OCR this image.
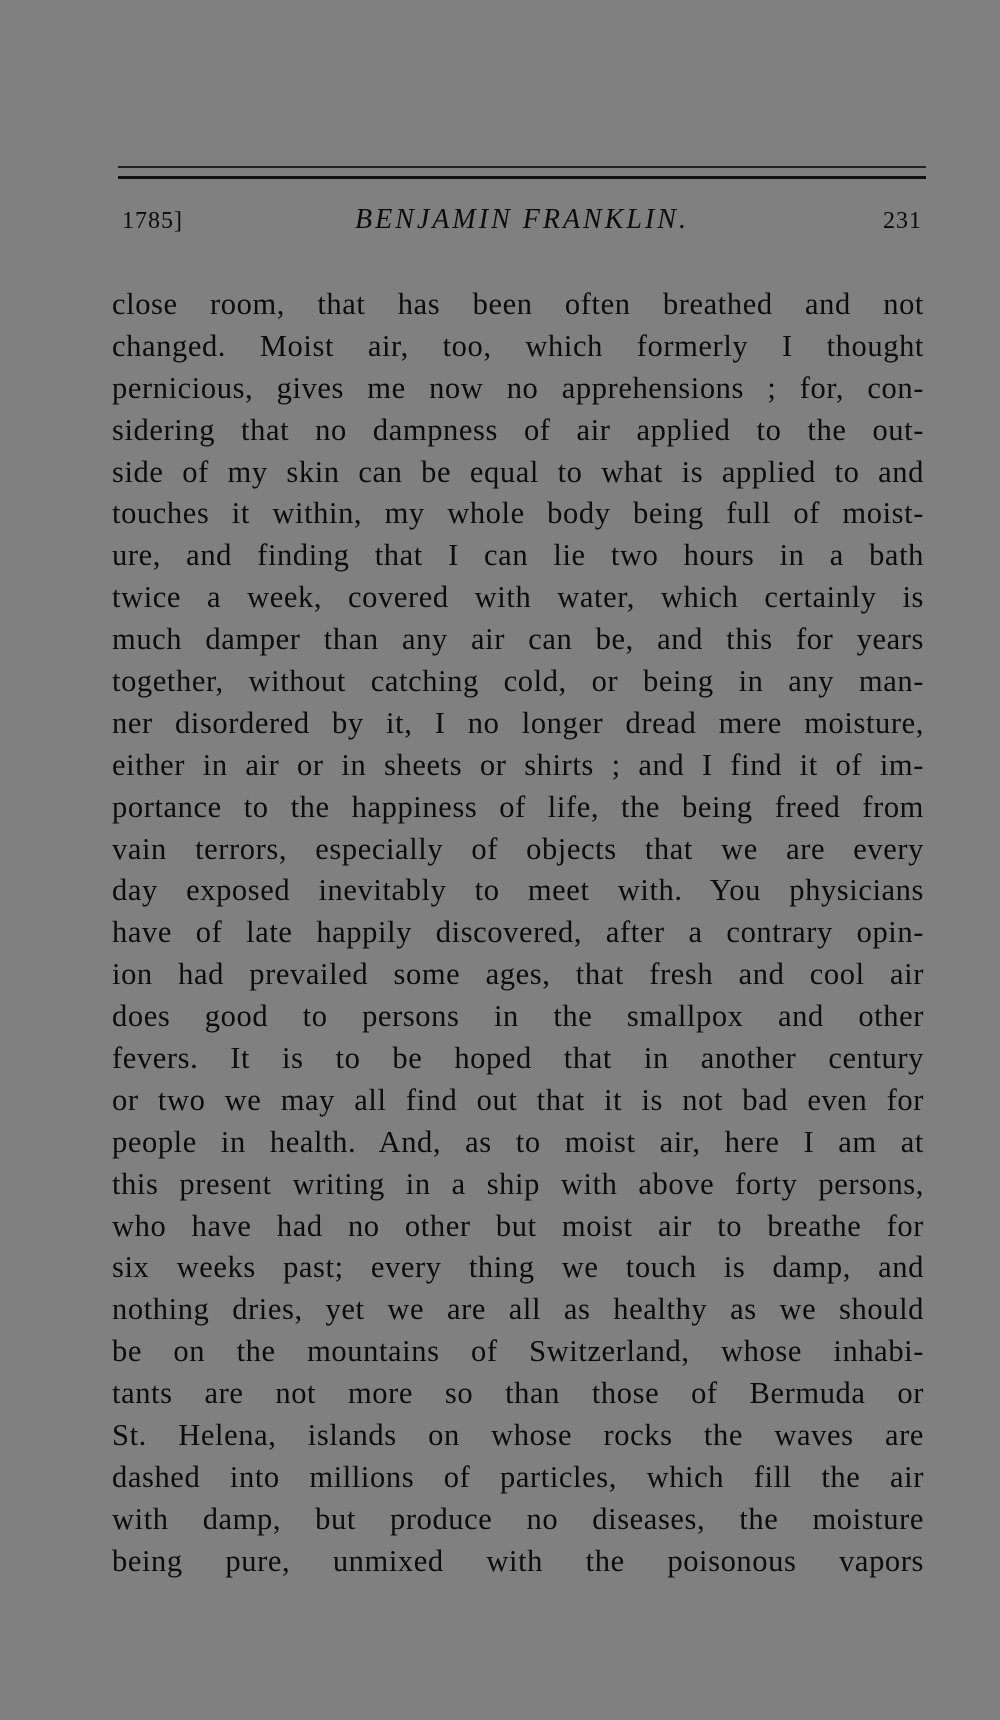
1785]	BENJAMIN FRANKLIN.	231
close room, that has been often breathed and not
changed. Moist air, too, which formerly I thought
pernicious, gives me now no apprehensions ; for, con-
sidering that no dampness of air applied to the out-
side of my skin can be equal to what is applied to and
touches it within, my whole body being full of moist-
ure, and finding that I can lie two hours in a bath
twice a week, covered with water, which certainly is
much damper than any air can be, and this for years
together, without catching cold, or being in any man-
ner disordered by it, I no longer dread mere moisture,
either in air or in sheets or shirts ; and I find it of im-
portance to the happiness of life, the being freed from
vain terrors, especially of objects that we are every
day exposed inevitably to meet with. You physicians
have of late happily discovered, after a contrary opin-
ion had prevailed some ages, that fresh and cool air
does good to persons in the smallpox and other
fevers. It is to be hoped that in another century
or two we may all find out that it is not bad even for
people in health. And, as to moist air, here I am at
this present writing in a ship with above forty persons,
who have had no other but moist air to breathe for
six weeks past; every thing we touch is damp, and
nothing dries, yet we are all as healthy as we should
be on the mountains of Switzerland, whose inhabi-
tants are not more so than those of Bermuda or
St. Helena, islands on whose rocks the waves are
dashed into millions of particles, which fill the air
with damp, but produce no diseases, the moisture
being pure, unmixed with the poisonous vapors
